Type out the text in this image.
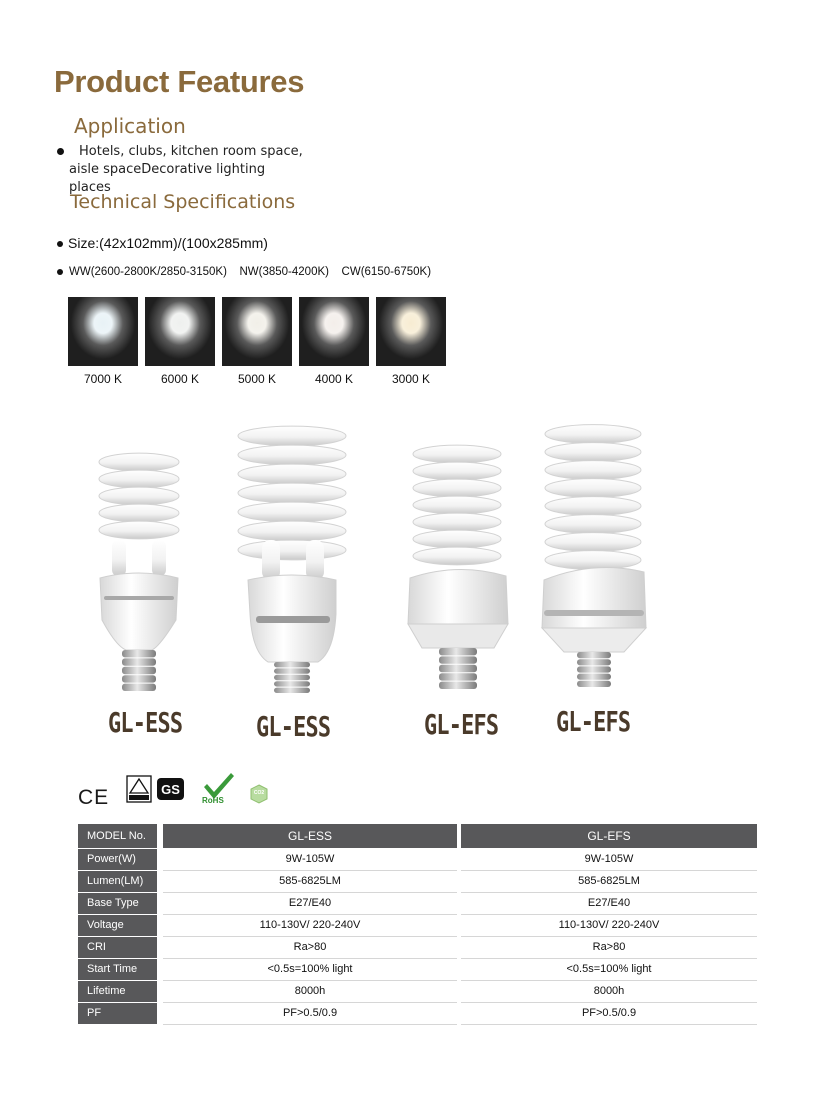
Product Features
Application
Hotels, clubs, kitchen room space, aisle spaceDecorative lighting places
Technical Specifications
Size:(42x102mm)/(100x285mm)
WW(2600-2800K/2850-3150K)   NW(3850-4200K)   CW(6150-6750K)
7000 K	6000 K	5000 K	4000 K	3000 K
GL-ESS	GL-ESS	GL-EFS GL-EFS
CE	GS
RoHS
CO2
MODEL No.		GL-ESS		GL-EFS
Power(W)		9W-105W		9W-105W
Lumen(LM)		585-6825LM		585-6825LM
Base Type		E27/E40		E27/E40
Voltage		110-130V/ 220-240V		110-130V/ 220-240V
CRI		Ra>80		Ra>80
Start Time		<0.5s=100% light		<0.5s=100% light
Lifetime		8000h		8000h
PF		PF>0.5/0.9		PF>0.5/0.9
